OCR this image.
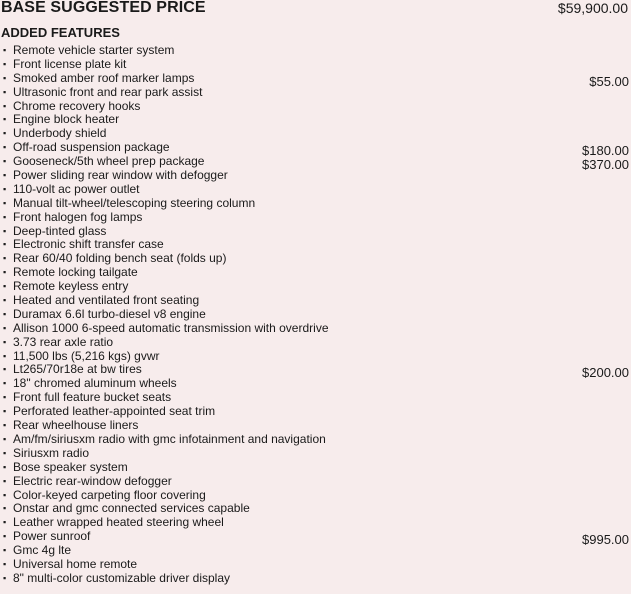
BASE SUGGESTED PRICE	$59,900.00
ADDED FEATURES
▪ Remote vehicle starter system
▪ Front license plate kit
▪ Smoked amber roof marker lamps	$55.00
▪ Ultrasonic front and rear park assist
▪ Chrome recovery hooks
▪ Engine block heater
▪ Underbody shield
▪ Off-road suspension package	$180.00
▪ Gooseneck/5th wheel prep package	$370.00
▪ Power sliding rear window with defogger
▪ 110-volt ac power outlet
▪ Manual tilt-wheel/telescoping steering column
▪ Front halogen fog lamps
▪ Deep-tinted glass
▪ Electronic shift transfer case
▪ Rear 60/40 folding bench seat (folds up)
▪ Remote locking tailgate
▪ Remote keyless entry
▪ Heated and ventilated front seating
▪ Duramax 6.6l turbo-diesel v8 engine
▪ Allison 1000 6-speed automatic transmission with overdrive
▪ 3.73 rear axle ratio
▪ 11,500 lbs (5,216 kgs) gvwr
▪ Lt265/70r18e at bw tires	$200.00
▪ 18" chromed aluminum wheels
▪ Front full feature bucket seats
▪ Perforated leather-appointed seat trim
▪ Rear wheelhouse liners
▪ Am/fm/siriusxm radio with gmc infotainment and navigation
▪ Siriusxm radio
▪ Bose speaker system
▪ Electric rear-window defogger
▪ Color-keyed carpeting floor covering
▪ Onstar and gmc connected services capable
▪ Leather wrapped heated steering wheel
▪ Power sunroof	$995.00
▪ Gmc 4g lte
▪ Universal home remote
▪ 8" multi-color customizable driver display
